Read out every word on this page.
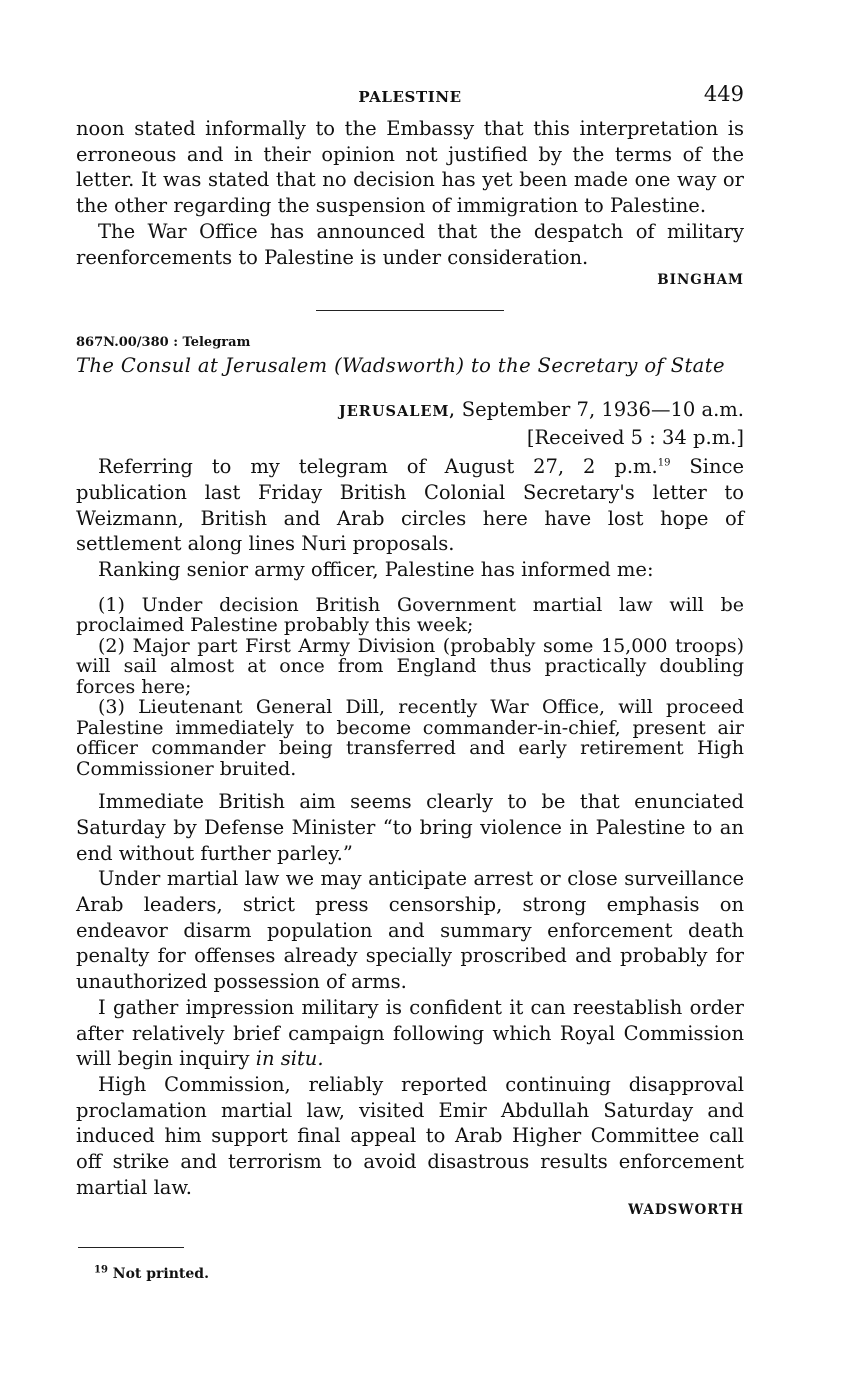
PALESTINE	449

noon stated informally to the Embassy that this interpretation is erroneous and in their opinion not justified by the terms of the letter. It was stated that no decision has yet been made one way or the other regarding the suspension of immigration to Palestine.

The War Office has announced that the despatch of military reenforcements to Palestine is under consideration.

BINGHAM
867N.00/380 : Telegram
The Consul at Jerusalem (Wadsworth) to the Secretary of State
JERUSALEM, September 7, 1936—10 a.m.
[Received 5 : 34 p.m.]

Referring to my telegram of August 27, 2 p.m.$^{19}$ Since publication last Friday British Colonial Secretary's letter to Weizmann, British and Arab circles here have lost hope of settlement along lines Nuri proposals.

Ranking senior army officer, Palestine has informed me:

(1) Under decision British Government martial law will be proclaimed Palestine probably this week;

(2) Major part First Army Division (probably some 15,000 troops) will sail almost at once from England thus practically doubling forces here;

(3) Lieutenant General Dill, recently War Office, will proceed Palestine immediately to become commander-in-chief, present air officer commander being transferred and early retirement High Commissioner bruited.

Immediate British aim seems clearly to be that enunciated Saturday by Defense Minister “to bring violence in Palestine to an end without further parley.”

Under martial law we may anticipate arrest or close surveillance Arab leaders, strict press censorship, strong emphasis on endeavor disarm population and summary enforcement death penalty for offenses already specially proscribed and probably for unauthorized possession of arms.

I gather impression military is confident it can reestablish order after relatively brief campaign following which Royal Commission will begin inquiry in situ.

High Commission, reliably reported continuing disapproval proclamation martial law, visited Emir Abdullah Saturday and induced him support final appeal to Arab Higher Committee call off strike and terrorism to avoid disastrous results enforcement martial law.

WADSWORTH
$^{19}$ Not printed.
